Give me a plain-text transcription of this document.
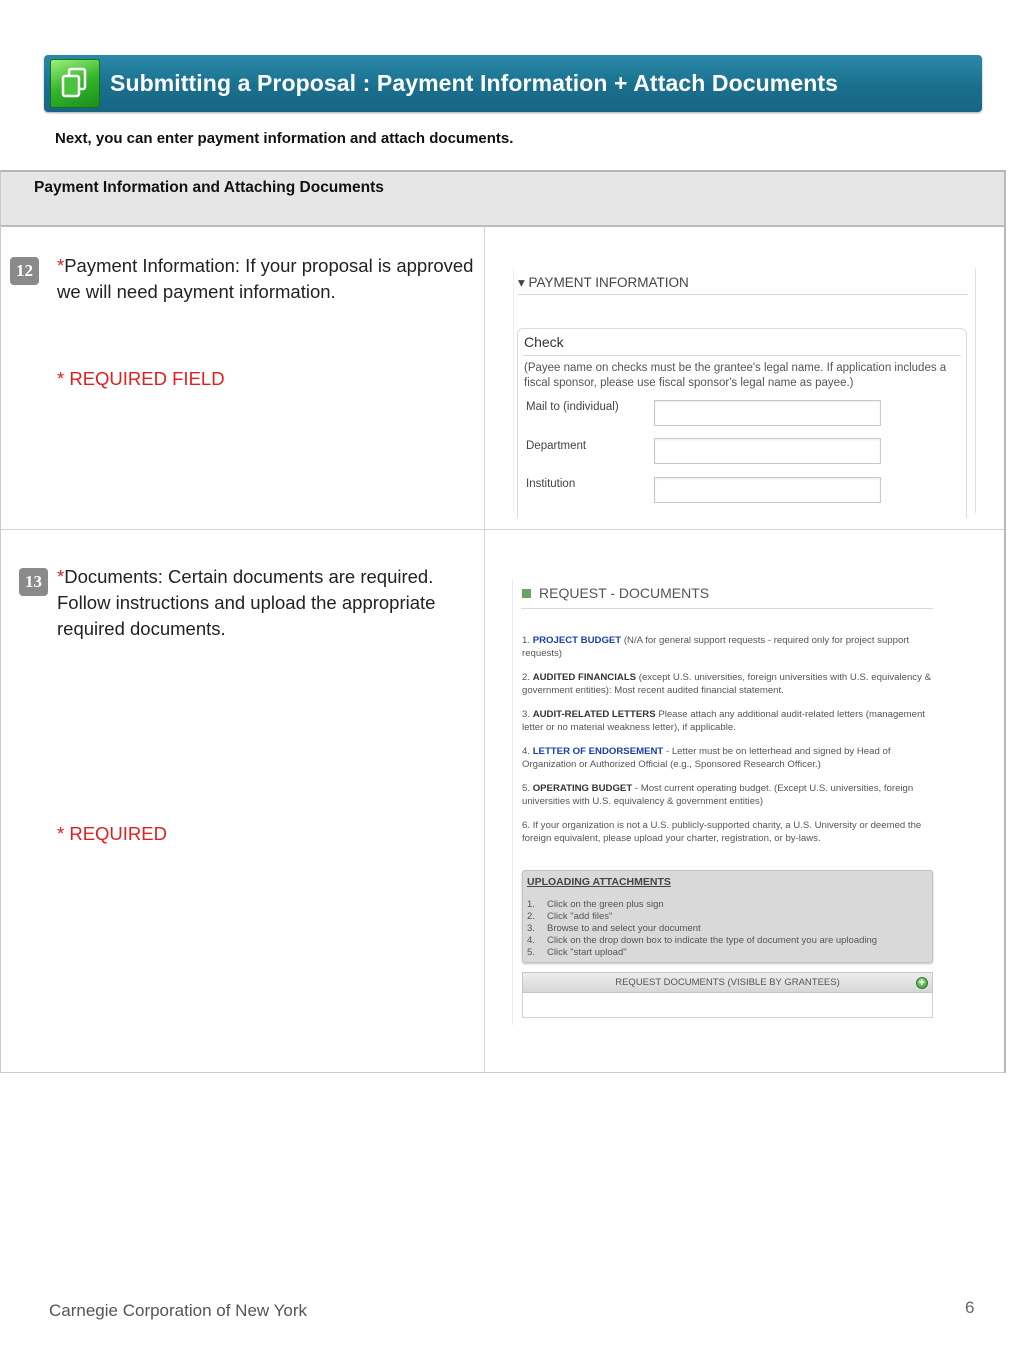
Submitting a Proposal : Payment Information + Attach Documents
Next, you can enter payment information and attach documents.
Payment Information and Attaching Documents
12	*Payment Information: If your proposal is approved we will need payment information.
* REQUIRED FIELD
▾ PAYMENT INFORMATION
Check
(Payee name on checks must be the grantee's legal name. If application includes a fiscal sponsor, please use fiscal sponsor's legal name as payee.)
Mail to (individual)
Department
Institution
13 *Documents: Certain documents are required. Follow instructions and upload the appropriate required documents.
* REQUIRED
REQUEST - DOCUMENTS
1. PROJECT BUDGET (N/A for general support requests - required only for project support requests)
2. AUDITED FINANCIALS (except U.S. universities, foreign universities with U.S. equivalency & government entities): Most recent audited financial statement.
3. AUDIT-RELATED LETTERS Please attach any additional audit-related letters (management letter or no material weakness letter), if applicable.
4. LETTER OF ENDORSEMENT - Letter must be on letterhead and signed by Head of Organization or Authorized Official (e.g., Sponsored Research Officer.)
5. OPERATING BUDGET - Most current operating budget. (Except U.S. universities, foreign universities with U.S. equivalency & government entities)
6. If your organization is not a U.S. publicly-supported charity, a U.S. University or deemed the foreign equivalent, please upload your charter, registration, or by-laws.
UPLOADING ATTACHMENTS
1.	Click on the green plus sign
2.	Click "add files"
3.	Browse to and select your document
4.	Click on the drop down box to indicate the type of document you are uploading
5.	Click "start upload"
REQUEST DOCUMENTS (VISIBLE BY GRANTEES)	+
Carnegie Corporation of New York	6
